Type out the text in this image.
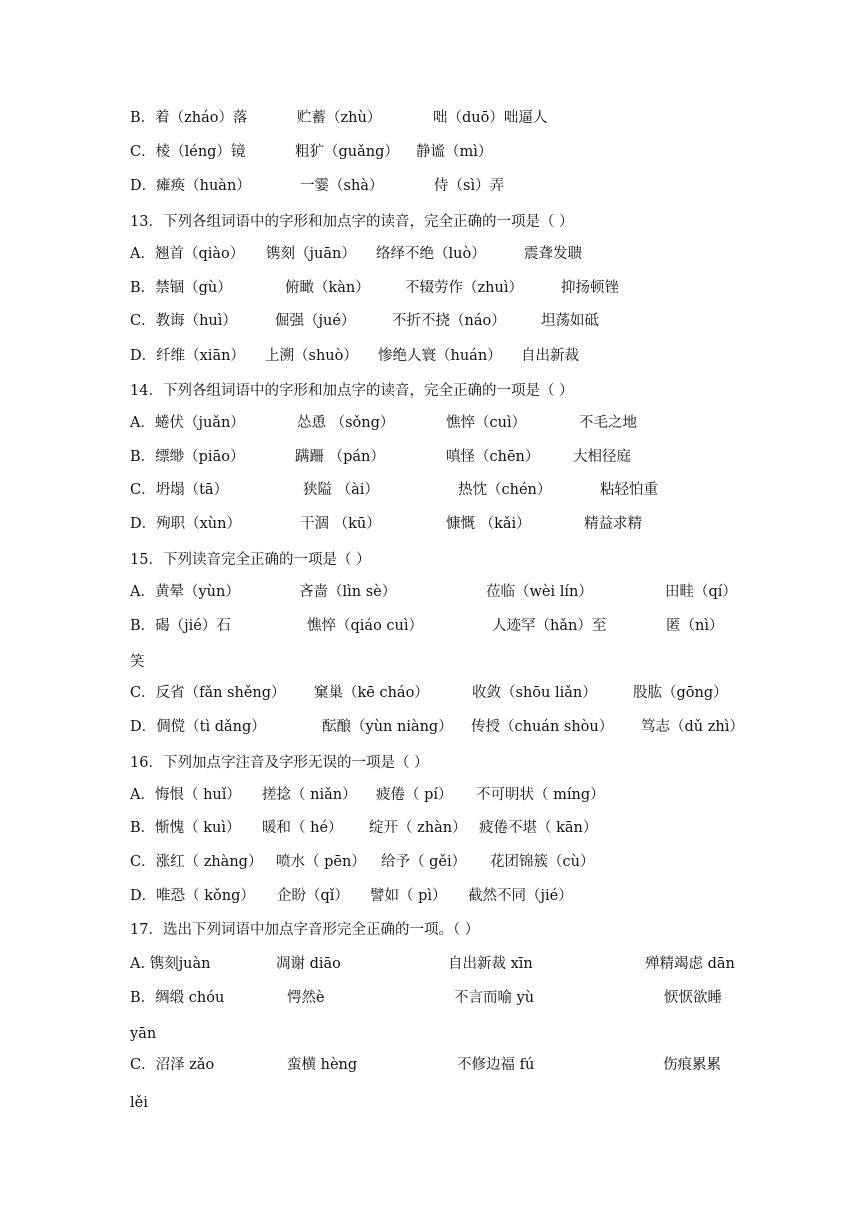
B．着（zháo）落	贮蓄（zhù）	咄（duō）咄逼人
C．棱（léng）镜	粗犷（guǎng） 静谧（mì）
D．瘫痪（huàn）	一霎（shà）	侍（sì）弄
13．下列各组词语中的字形和加点字的读音，完全正确的一项是（ ）
A．翘首（qiào） 镌刻（juān） 络绎不绝（luò）	震聋发聩
B．禁锢（gù）	俯瞰（kàn） 不辍劳作（zhuì）	抑扬顿锉
C．教诲（huì）	倔强（jué）	不折不挠（náo） 坦荡如砥
D．纤维（xiān） 上溯（shuò） 惨绝人寰（huán） 自出新裁
14．下列各组词语中的字形和加点字的读音，完全正确的一项是（ ）
A．蜷伏（juǎn）	怂恿 （sǒng）	憔悴（cuì）	不毛之地
B．缥缈（piāo）	蹒跚 （pán）	嗔怪（chēn） 大相径庭
C．坍塌（tā）	狭隘 （ài）	热忱（chén）	粘轻怕重
D．殉职（xùn）	干涸 （kū）	慷慨 （kǎi）	精益求精
15．下列读音完全正确的一项是（ ）
A．黄晕（yùn）	吝啬（lìn sè）	莅临（wèi lín）	田畦（qí）
B．碣（jié）石	憔悴（qiáo cuì）	人迹罕（hǎn）至	匿（nì）
笑
C．反省（fǎn shěng） 窠巢（kē cháo）	收敛（shōu liǎn）	股肱（gōng）
D．倜傥（tì dǎng）	酝酿（yùn niàng） 传授（chuán shòu） 笃志（dǔ zhì）
16．下列加点字注音及字形无误的一项是（ ）
A．悔恨（ huǐ） 搓捻（ niǎn） 疲倦（ pí） 不可明状（ míng）
B．惭愧（ kuì） 暖和（ hé） 绽开（ zhàn） 疲倦不堪（ kān）
C．涨红（ zhàng） 喷水（ pēn） 给予（ gěi） 花团锦簇（cù）
D．唯恐（ kǒng） 企盼（qǐ） 譬如（ pì） 截然不同（jié）
17．选出下列词语中加点字音形完全正确的一项。（ ）
A. 镌刻juàn	凋谢 diāo	自出新裁 xīn	殚精竭虑 dān
B．绸缎 chóu	愕然è	不言而喻 yù	恹恹欲睡
yān
C．沼泽 zǎo	蛮横 hèng	不修边福 fú	伤痕累累
lěi
